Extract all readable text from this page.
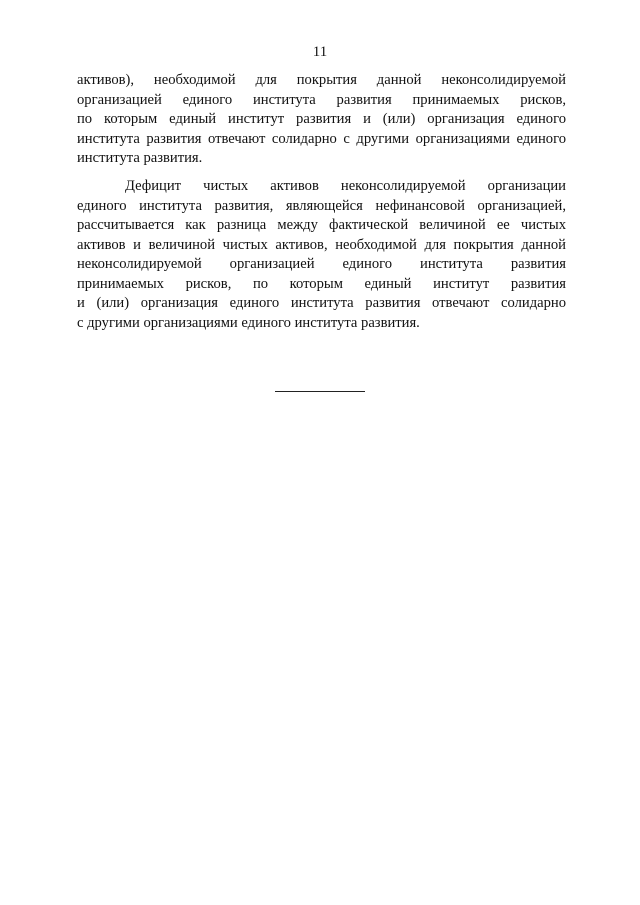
11

активов), необходимой для покрытия данной неконсолидируемой
организацией единого института развития принимаемых рисков,
по которым единый институт развития и (или) организация единого
института развития отвечают солидарно с другими организациями единого
института развития.

Дефицит чистых активов неконсолидируемой организации
единого института развития, являющейся нефинансовой организацией,
рассчитывается как разница между фактической величиной ее чистых
активов и величиной чистых активов, необходимой для покрытия данной
неконсолидируемой организацией единого института развития
принимаемых рисков, по которым единый институт развития
и (или) организация единого института развития отвечают солидарно
с другими организациями единого института развития.
